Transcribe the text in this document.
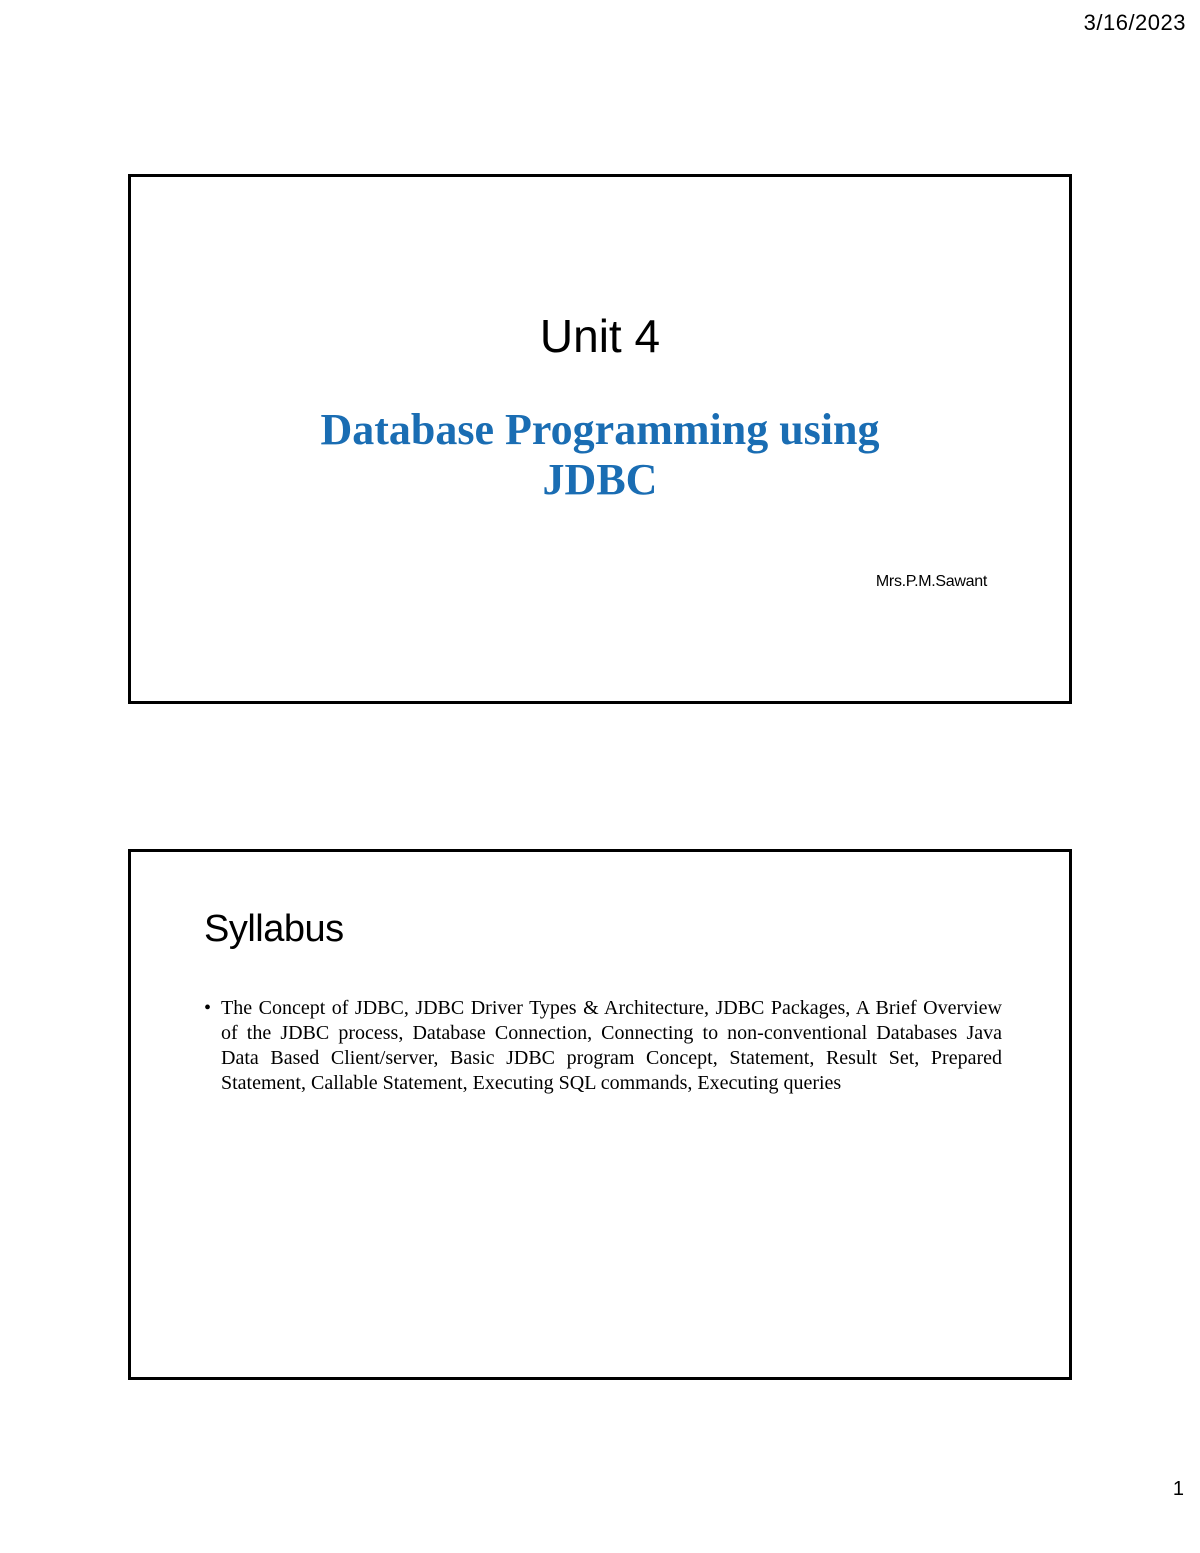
3/16/2023
Unit 4
Database Programming using
JDBC
Mrs.P.M.Sawant
Syllabus
• The Concept of JDBC, JDBC Driver Types & Architecture, JDBC Packages, A Brief Overview of the JDBC process, Database Connection, Connecting to non-conventional Databases Java Data Based Client/server, Basic JDBC program Concept, Statement, Result Set, Prepared Statement, Callable Statement, Executing SQL commands, Executing queries
1
